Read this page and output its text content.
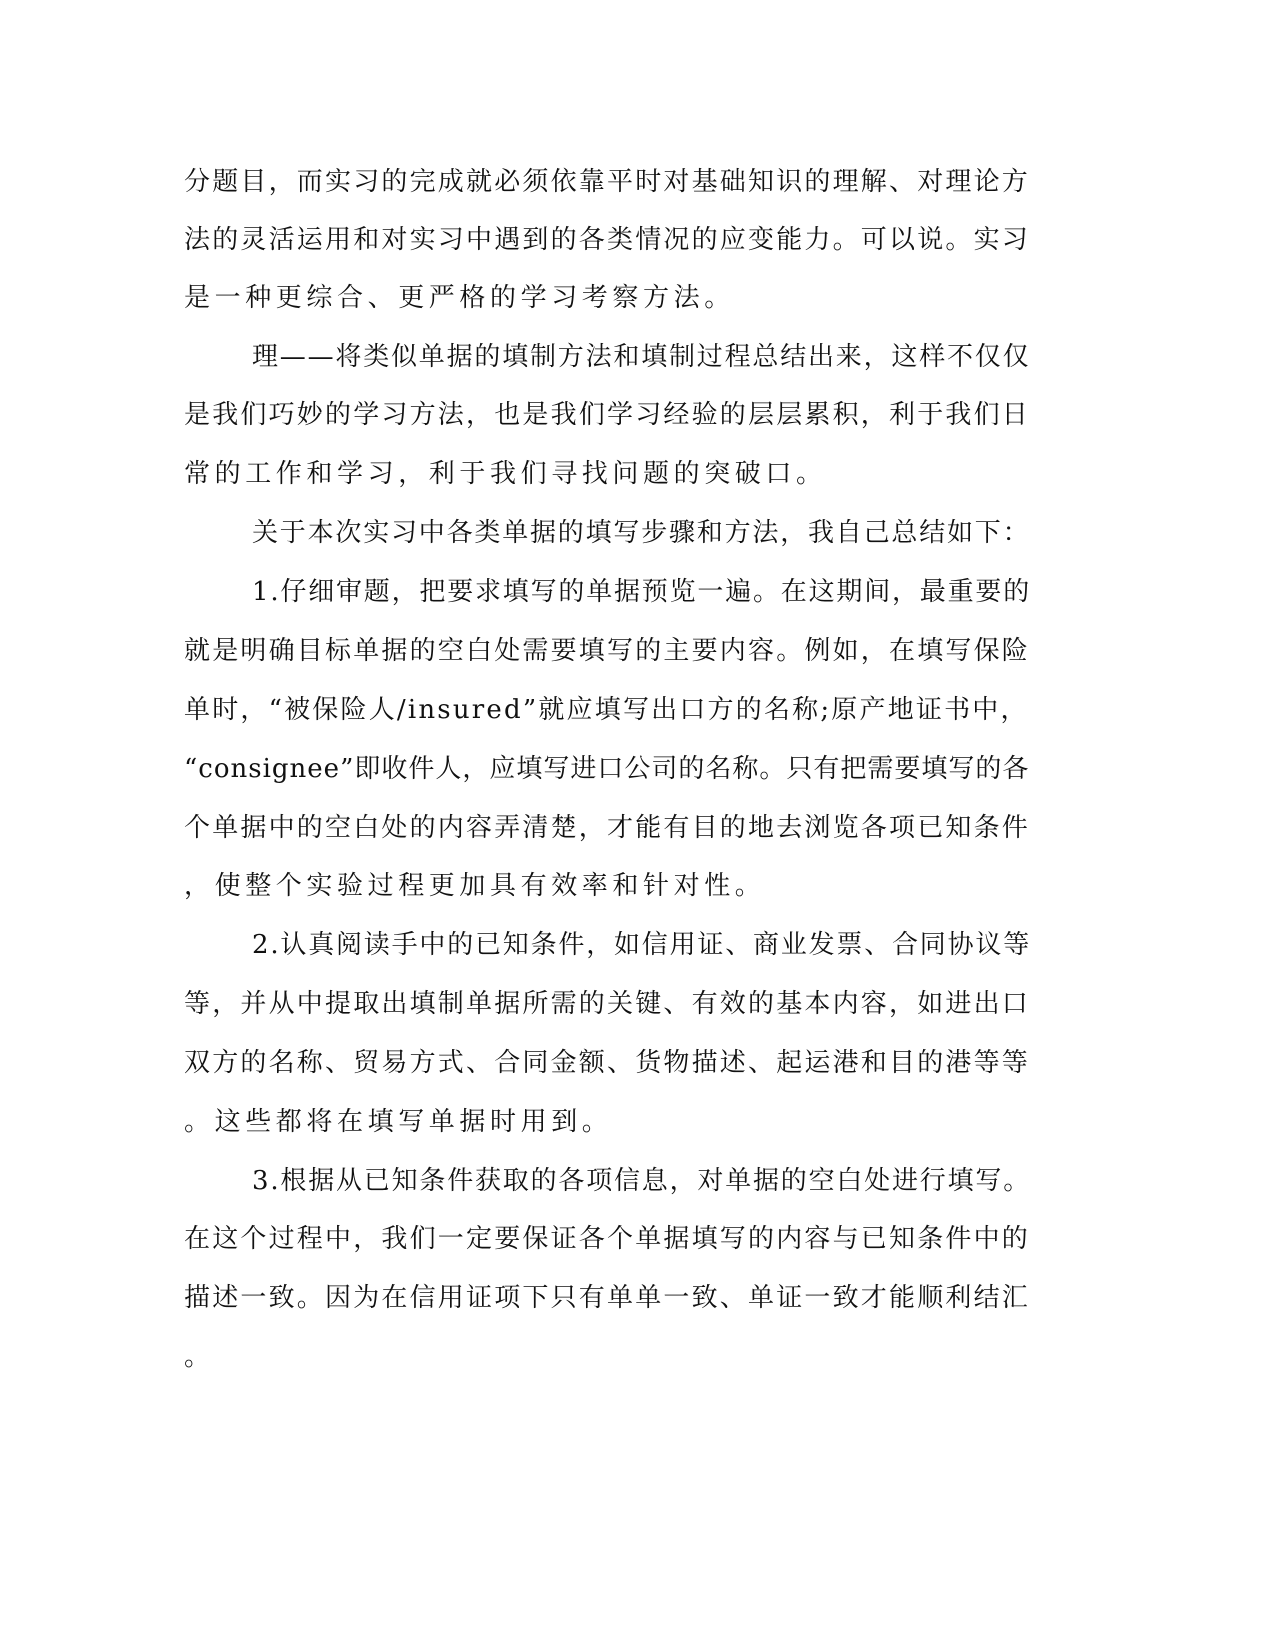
分题目，而实习的完成就必须依靠平时对基础知识的理解、对理论方
法的灵活运用和对实习中遇到的各类情况的应变能力。可以说。实习
是一种更综合、更严格的学习考察方法。
理——将类似单据的填制方法和填制过程总结出来，这样不仅仅
是我们巧妙的学习方法，也是我们学习经验的层层累积，利于我们日
常的工作和学习，利于我们寻找问题的突破口。
关于本次实习中各类单据的填写步骤和方法，我自己总结如下：
1.仔细审题，把要求填写的单据预览一遍。在这期间，最重要的
就是明确目标单据的空白处需要填写的主要内容。例如，在填写保险
单时，“被保险人/insured”就应填写出口方的名称;原产地证书中，
“consignee”即收件人，应填写进口公司的名称。只有把需要填写的各
个单据中的空白处的内容弄清楚，才能有目的地去浏览各项已知条件
，使整个实验过程更加具有效率和针对性。
2.认真阅读手中的已知条件，如信用证、商业发票、合同协议等
等，并从中提取出填制单据所需的关键、有效的基本内容，如进出口
双方的名称、贸易方式、合同金额、货物描述、起运港和目的港等等
。这些都将在填写单据时用到。
3.根据从已知条件获取的各项信息，对单据的空白处进行填写。
在这个过程中，我们一定要保证各个单据填写的内容与已知条件中的
描述一致。因为在信用证项下只有单单一致、单证一致才能顺利结汇
。
